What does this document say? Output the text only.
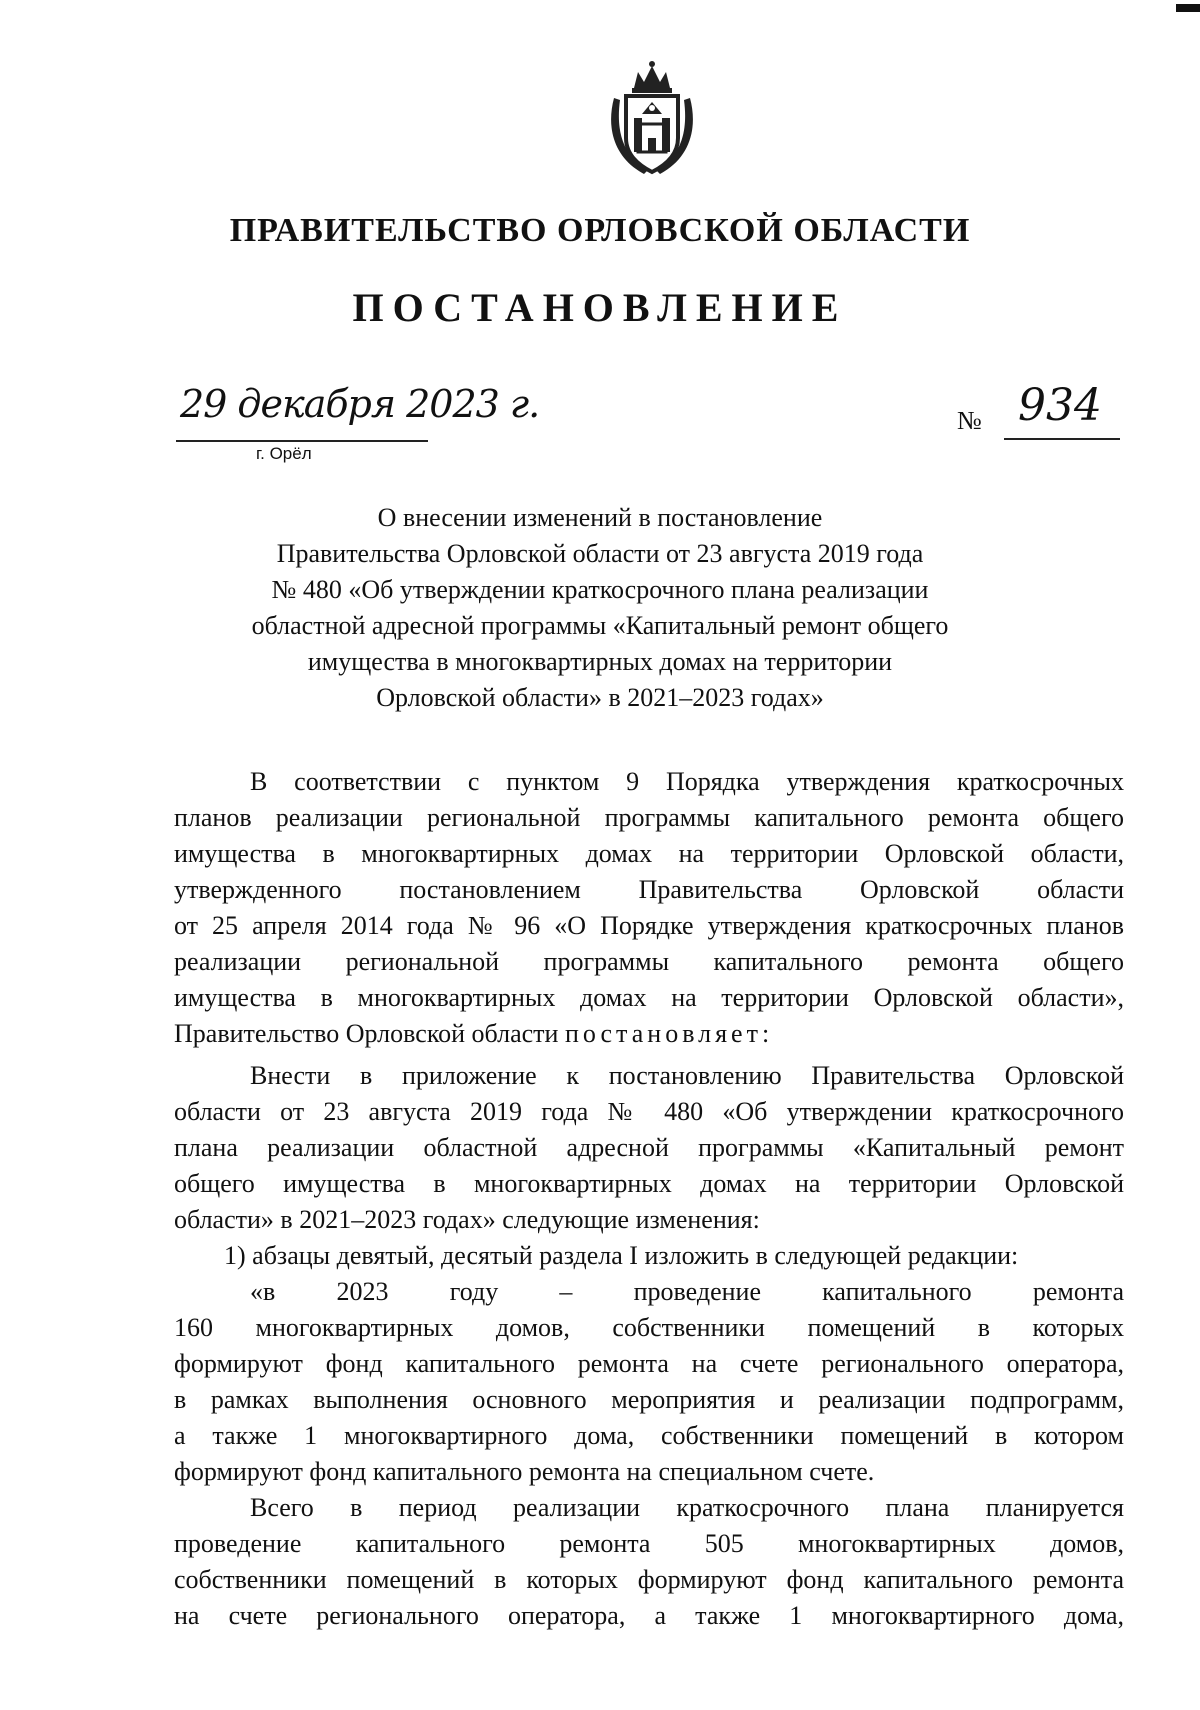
ПРАВИТЕЛЬСТВО ОРЛОВСКОЙ ОБЛАСТИ
ПОСТАНОВЛЕНИЕ
29 декабря 2023 г.
г. Орёл
№ 934
О внесении изменений в постановление
Правительства Орловской области от 23 августа 2019 года
№ 480 «Об утверждении краткосрочного плана реализации
областной адресной программы «Капитальный ремонт общего
имущества в многоквартирных домах на территории
Орловской области» в 2021–2023 годах»
В соответствии с пунктом 9 Порядка утверждения краткосрочных
планов реализации региональной программы капитального ремонта общего
имущества в многоквартирных домах на территории Орловской области,
утвержденного постановлением Правительства Орловской области
от 25 апреля 2014 года № 96 «О Порядке утверждения краткосрочных планов
реализации региональной программы капитального ремонта общего
имущества в многоквартирных домах на территории Орловской области»,
Правительство Орловской области постановляет:
Внести в приложение к постановлению Правительства Орловской
области от 23 августа 2019 года № 480 «Об утверждении краткосрочного
плана реализации областной адресной программы «Капитальный ремонт
общего имущества в многоквартирных домах на территории Орловской
области» в 2021–2023 годах» следующие изменения:
1) абзацы девятый, десятый раздела I изложить в следующей редакции:
«в 2023 году – проведение капитального ремонта
160 многоквартирных домов, собственники помещений в которых
формируют фонд капитального ремонта на счете регионального оператора,
в рамках выполнения основного мероприятия и реализации подпрограмм,
а также 1 многоквартирного дома, собственники помещений в котором
формируют фонд капитального ремонта на специальном счете.
Всего в период реализации краткосрочного плана планируется
проведение капитального ремонта 505 многоквартирных домов,
собственники помещений в которых формируют фонд капитального ремонта
на счете регионального оператора, а также 1 многоквартирного дома,
